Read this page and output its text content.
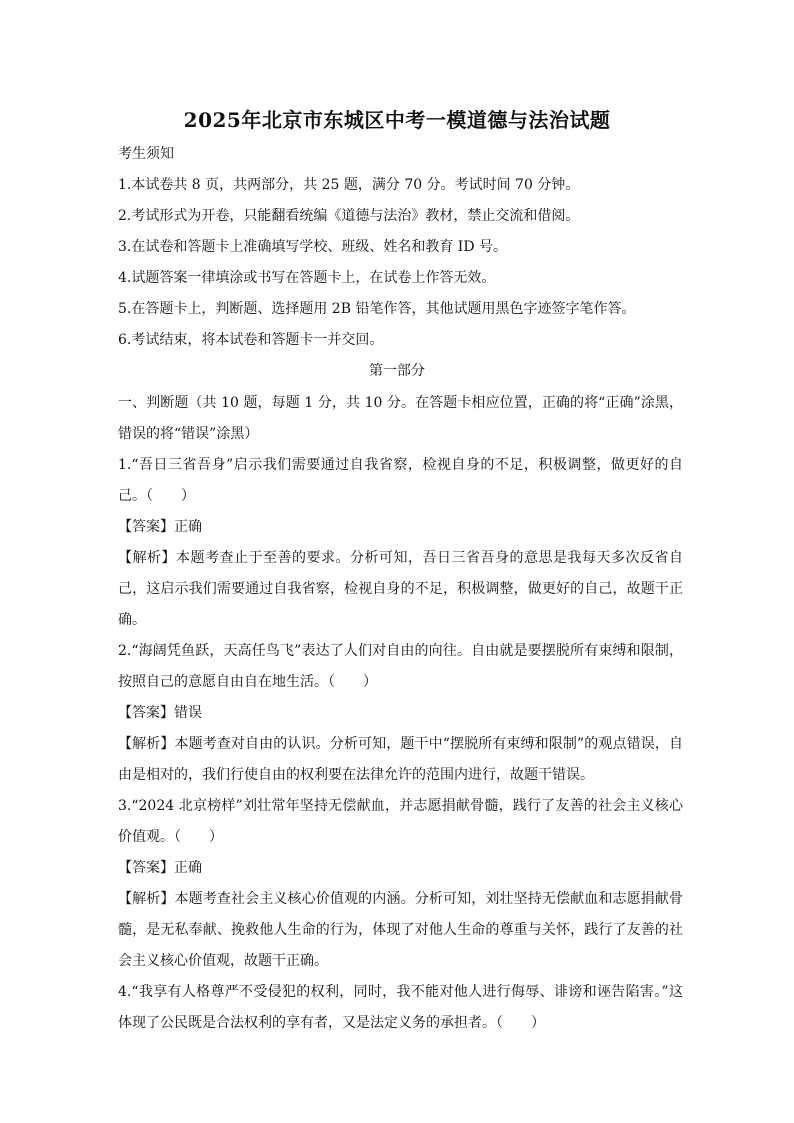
2025年北京市东城区中考一模道德与法治试题
考生须知
1.本试卷共 8 页，共两部分，共 25 题，满分 70 分。考试时间 70 分钟。
2.考试形式为开卷，只能翻看统编《道德与法治》教材，禁止交流和借阅。
3.在试卷和答题卡上准确填写学校、班级、姓名和教育 ID 号。
4.试题答案一律填涂或书写在答题卡上，在试卷上作答无效。
5.在答题卡上，判断题、选择题用 2B 铅笔作答，其他试题用黑色字迹签字笔作答。
6.考试结束，将本试卷和答题卡一并交回。
第一部分

一、判断题（共 10 题，每题 1 分，共 10 分。在答题卡相应位置，正确的将“正确”涂黑，错误的将“错误”涂黑）

1.“吾日三省吾身”启示我们需要通过自我省察，检视自身的不足，积极调整，做更好的自己。（　　）

【答案】正确

【解析】本题考查止于至善的要求。分析可知，吾日三省吾身的意思是我每天多次反省自己，这启示我们需要通过自我省察，检视自身的不足，积极调整，做更好的自己，故题干正确。

2.“海阔凭鱼跃，天高任鸟飞”表达了人们对自由的向往。自由就是要摆脱所有束缚和限制，按照自己的意愿自由自在地生活。（　　）

【答案】错误

【解析】本题考查对自由的认识。分析可知，题干中“摆脱所有束缚和限制”的观点错误，自由是相对的，我们行使自由的权利要在法律允许的范围内进行，故题干错误。

3.“2024 北京榜样”刘壮常年坚持无偿献血，并志愿捐献骨髓，践行了友善的社会主义核心价值观。（　　）

【答案】正确

【解析】本题考查社会主义核心价值观的内涵。分析可知，刘壮坚持无偿献血和志愿捐献骨髓，是无私奉献、挽救他人生命的行为，体现了对他人生命的尊重与关怀，践行了友善的社会主义核心价值观，故题干正确。

4.“我享有人格尊严不受侵犯的权利，同时，我不能对他人进行侮辱、诽谤和诬告陷害。”这体现了公民既是合法权利的享有者，又是法定义务的承担者。（　　）
